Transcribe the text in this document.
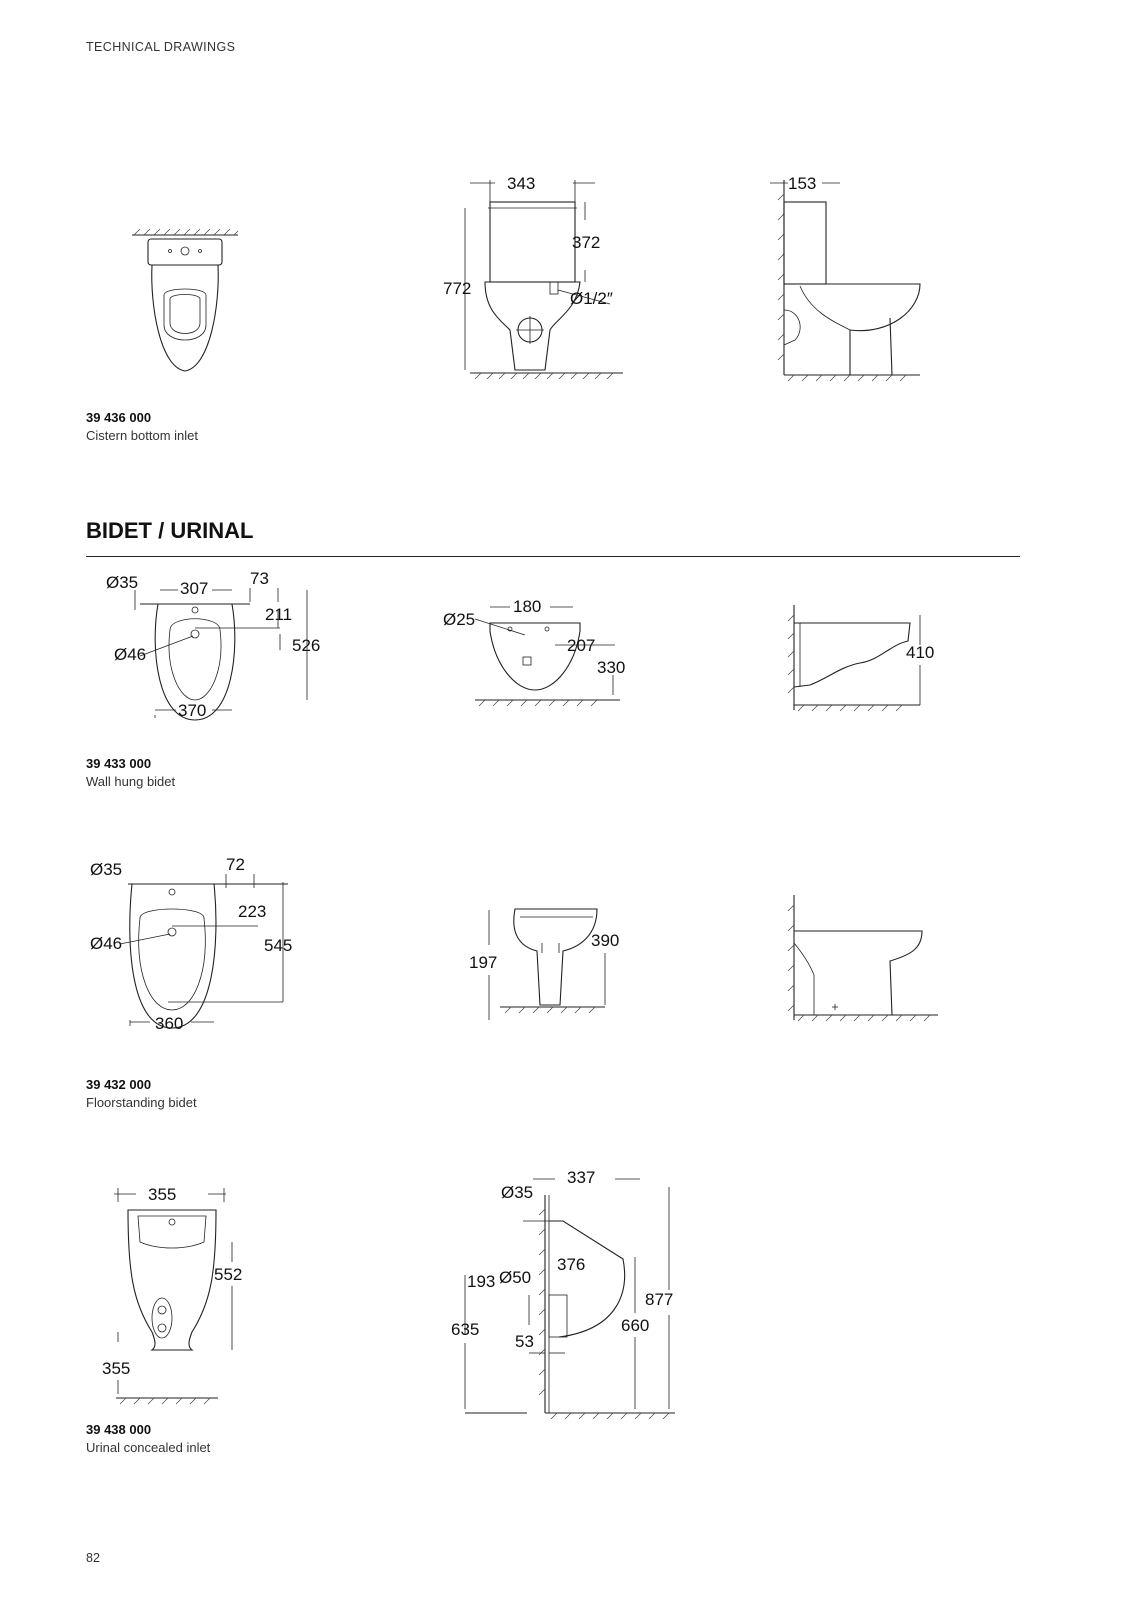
TECHNICAL DRAWINGS
343
372
772
Ø1/2″
153
39 436 000
Cistern bottom inlet
BIDET / URINAL
Ø35 307
73
211
526
Ø46
370
180
Ø25
207
330
410
39 433 000
Wall hung bidet
Ø35	72
223
545
Ø46
360
390
197
39 432 000
Floorstanding bidet
355
552
355
337
Ø35
376
193 Ø50
877
660
635
53
39 438 000
Urinal concealed inlet
82
